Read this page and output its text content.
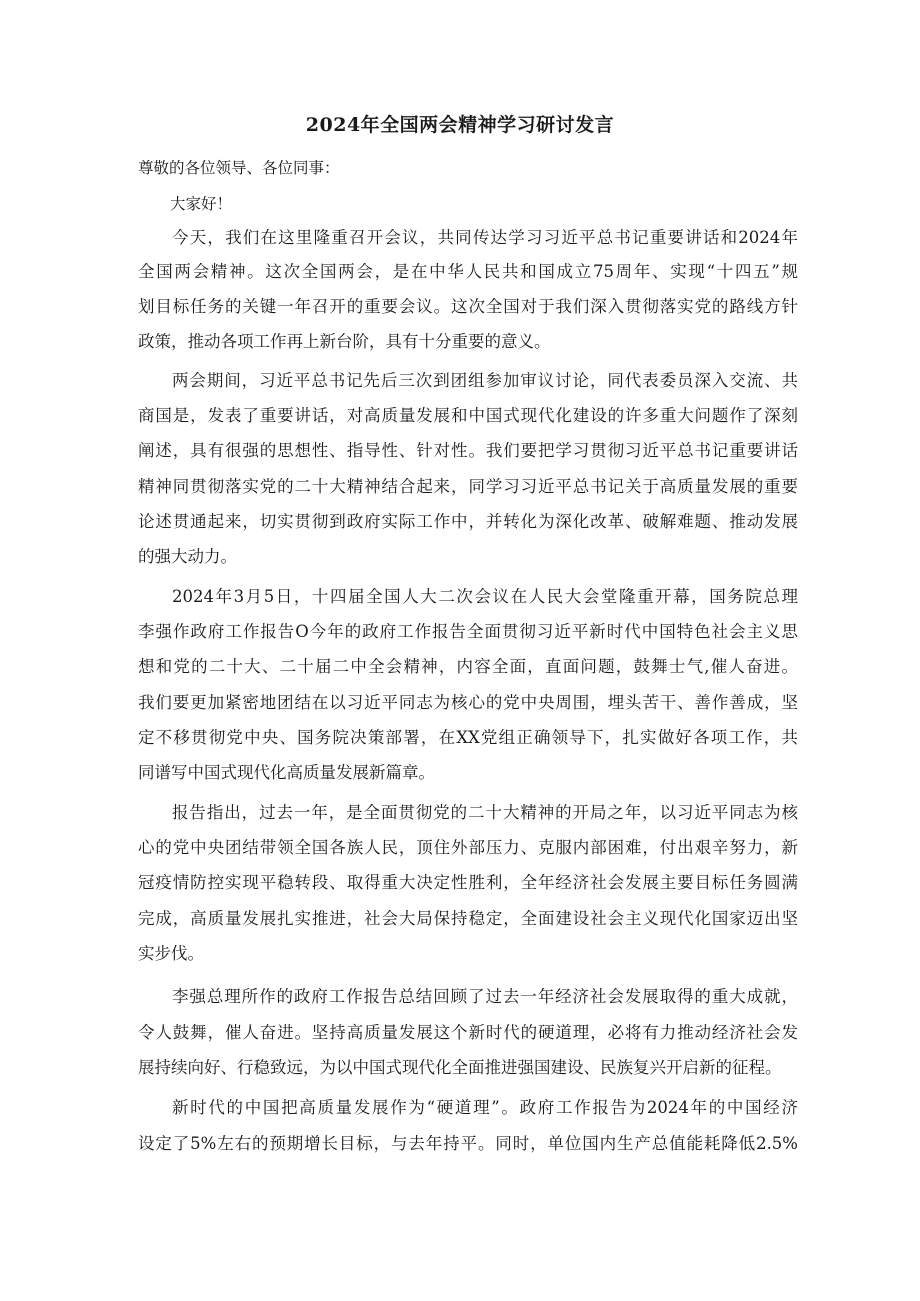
2024年全国两会精神学习研讨发言
尊敬的各位领导、各位同事：
大家好！
今天，我们在这里隆重召开会议，共同传达学习习近平总书记重要讲话和2024年
全国两会精神。这次全国两会，是在中华人民共和国成立75周年、实现“十四五”规
划目标任务的关键一年召开的重要会议。这次全国对于我们深入贯彻落实党的路线方针
政策，推动各项工作再上新台阶，具有十分重要的意义。
两会期间，习近平总书记先后三次到团组参加审议讨论，同代表委员深入交流、共
商国是，发表了重要讲话，对高质量发展和中国式现代化建设的许多重大问题作了深刻
阐述，具有很强的思想性、指导性、针对性。我们要把学习贯彻习近平总书记重要讲话
精神同贯彻落实党的二十大精神结合起来，同学习习近平总书记关于高质量发展的重要
论述贯通起来，切实贯彻到政府实际工作中，并转化为深化改革、破解难题、推动发展
的强大动力。
2024年3月5日，十四届全国人大二次会议在人民大会堂隆重开幕，国务院总理
李强作政府工作报告O今年的政府工作报告全面贯彻习近平新时代中国特色社会主义思
想和党的二十大、二十届二中全会精神，内容全面，直面问题，鼓舞士气,催人奋进。
我们要更加紧密地团结在以习近平同志为核心的党中央周围，埋头苦干、善作善成，坚
定不移贯彻党中央、国务院决策部署，在XX党组正确领导下，扎实做好各项工作，共
同谱写中国式现代化高质量发展新篇章。
报告指出，过去一年，是全面贯彻党的二十大精神的开局之年，以习近平同志为核
心的党中央团结带领全国各族人民，顶住外部压力、克服内部困难，付出艰辛努力，新
冠疫情防控实现平稳转段、取得重大决定性胜利，全年经济社会发展主要目标任务圆满
完成，高质量发展扎实推进，社会大局保持稳定，全面建设社会主义现代化国家迈出坚
实步伐。
李强总理所作的政府工作报告总结回顾了过去一年经济社会发展取得的重大成就，
令人鼓舞，催人奋进。坚持高质量发展这个新时代的硬道理，必将有力推动经济社会发
展持续向好、行稳致远，为以中国式现代化全面推进强国建设、民族复兴开启新的征程。
新时代的中国把高质量发展作为“硬道理”。政府工作报告为2024年的中国经济
设定了5%左右的预期增长目标，与去年持平。同时，单位国内生产总值能耗降低2.5%
